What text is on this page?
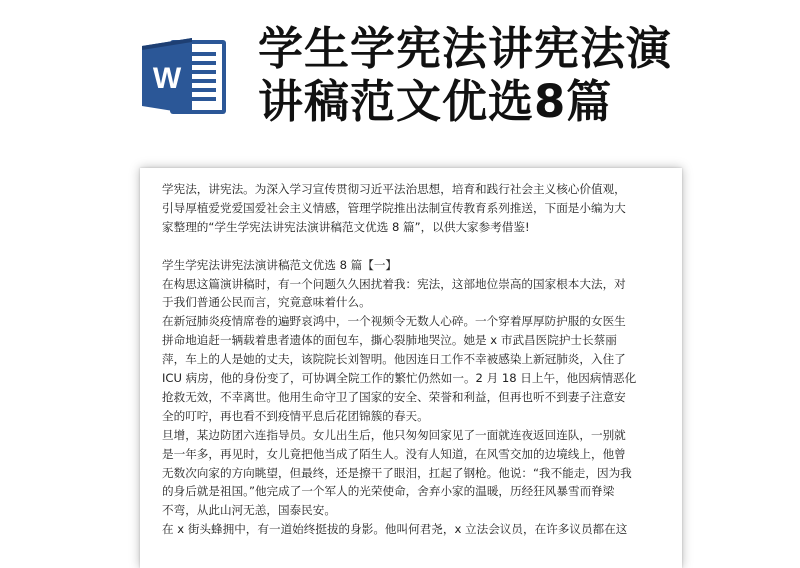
W
学生学宪法讲宪法演
讲稿范文优选8篇

学宪法，讲宪法。为深入学习宣传贯彻习近平法治思想，培育和践行社会主义核心价值观，

引导厚植爱党爱国爱社会主义情感，管理学院推出法制宣传教育系列推送，下面是小编为大

家整理的“学生学宪法讲宪法演讲稿范文优选 8 篇”，以供大家参考借鉴!

学生学宪法讲宪法演讲稿范文优选 8 篇【一】

在构思这篇演讲稿时，有一个问题久久困扰着我：宪法，这部地位崇高的国家根本大法，对

于我们普通公民而言，究竟意味着什么。

在新冠肺炎疫情席卷的遍野哀鸿中，一个视频令无数人心碎。一个穿着厚厚防护服的女医生

拼命地追赶一辆载着患者遗体的面包车，撕心裂肺地哭泣。她是 x 市武昌医院护士长蔡丽

萍，车上的人是她的丈夫，该院院长刘智明。他因连日工作不幸被感染上新冠肺炎，入住了

ICU 病房，他的身份变了，可协调全院工作的繁忙仍然如一。2 月 18 日上午，他因病情恶化

抢救无效，不幸离世。他用生命守卫了国家的安全、荣誉和利益，但再也听不到妻子注意安

全的叮咛，再也看不到疫情平息后花团锦簇的春天。

旦增，某边防团六连指导员。女儿出生后，他只匆匆回家见了一面就连夜返回连队，一别就

是一年多，再见时，女儿竟把他当成了陌生人。没有人知道，在风雪交加的边境线上，他曾

无数次向家的方向眺望，但最终，还是擦干了眼泪，扛起了钢枪。他说：“我不能走，因为我

的身后就是祖国。”他完成了一个军人的光荣使命，舍弃小家的温暖，历经狂风暴雪而脊梁

不弯，从此山河无恙，国泰民安。

在 x 街头蜂拥中，有一道始终挺拔的身影。他叫何君尧，x 立法会议员，在许多议员都在这
